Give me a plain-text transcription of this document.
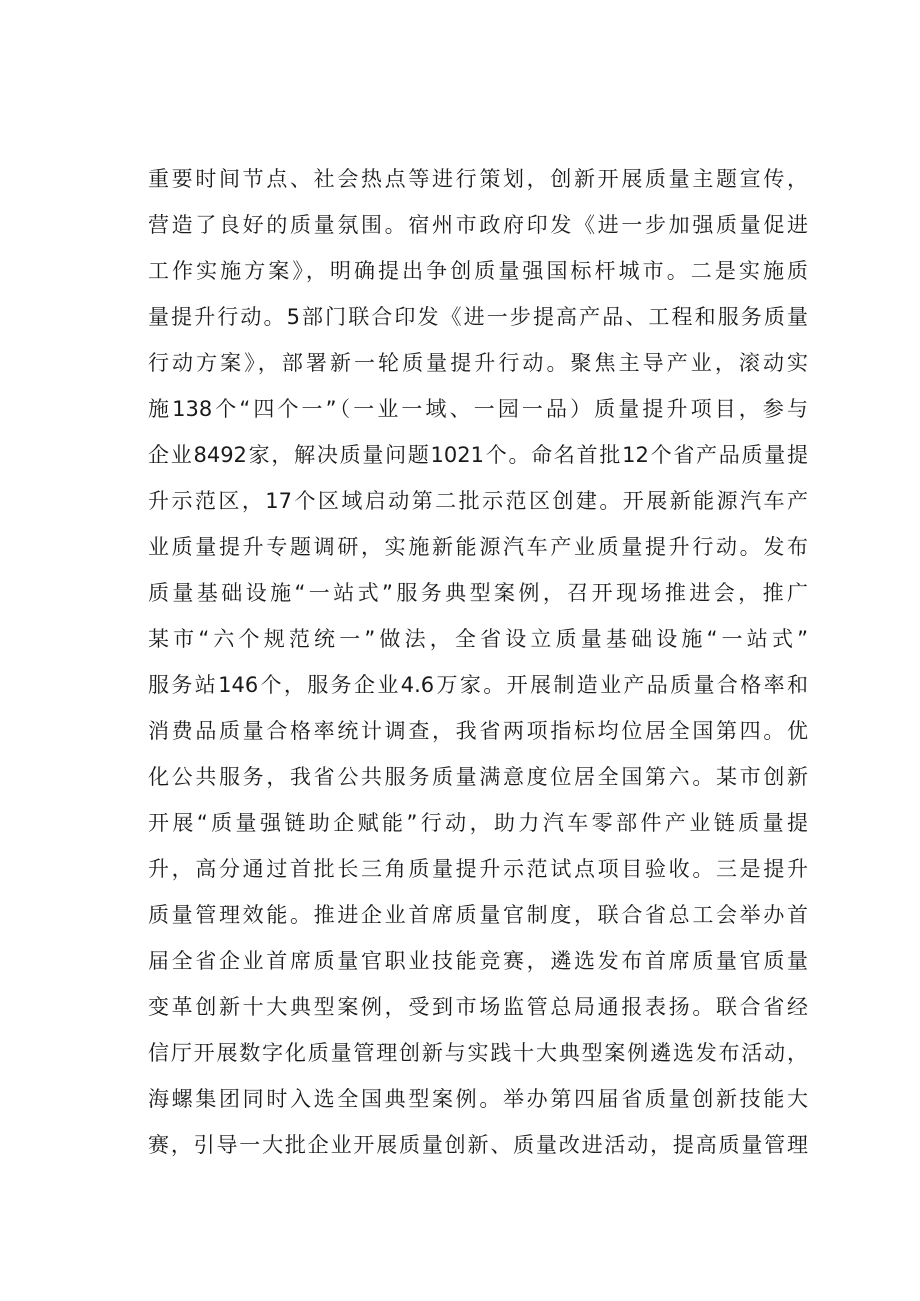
重要时间节点、社会热点等进行策划，创新开展质量主题宣传，
营造了良好的质量氛围。宿州市政府印发《进一步加强质量促进
工作实施方案》，明确提出争创质量强国标杆城市。二是实施质
量提升行动。5部门联合印发《进一步提高产品、工程和服务质量
行动方案》，部署新一轮质量提升行动。聚焦主导产业，滚动实
施138个“四个一”（一业一域、一园一品）质量提升项目，参与
企业8492家，解决质量问题1021个。命名首批12个省产品质量提
升示范区，17个区域启动第二批示范区创建。开展新能源汽车产
业质量提升专题调研，实施新能源汽车产业质量提升行动。发布
质量基础设施“一站式”服务典型案例，召开现场推进会，推广
某市“六个规范统一”做法，全省设立质量基础设施“一站式”
服务站146个，服务企业4.6万家。开展制造业产品质量合格率和
消费品质量合格率统计调查，我省两项指标均位居全国第四。优
化公共服务，我省公共服务质量满意度位居全国第六。某市创新
开展“质量强链助企赋能”行动，助力汽车零部件产业链质量提
升，高分通过首批长三角质量提升示范试点项目验收。三是提升
质量管理效能。推进企业首席质量官制度，联合省总工会举办首
届全省企业首席质量官职业技能竞赛，遴选发布首席质量官质量
变革创新十大典型案例，受到市场监管总局通报表扬。联合省经
信厅开展数字化质量管理创新与实践十大典型案例遴选发布活动，
海螺集团同时入选全国典型案例。举办第四届省质量创新技能大
赛，引导一大批企业开展质量创新、质量改进活动，提高质量管理
